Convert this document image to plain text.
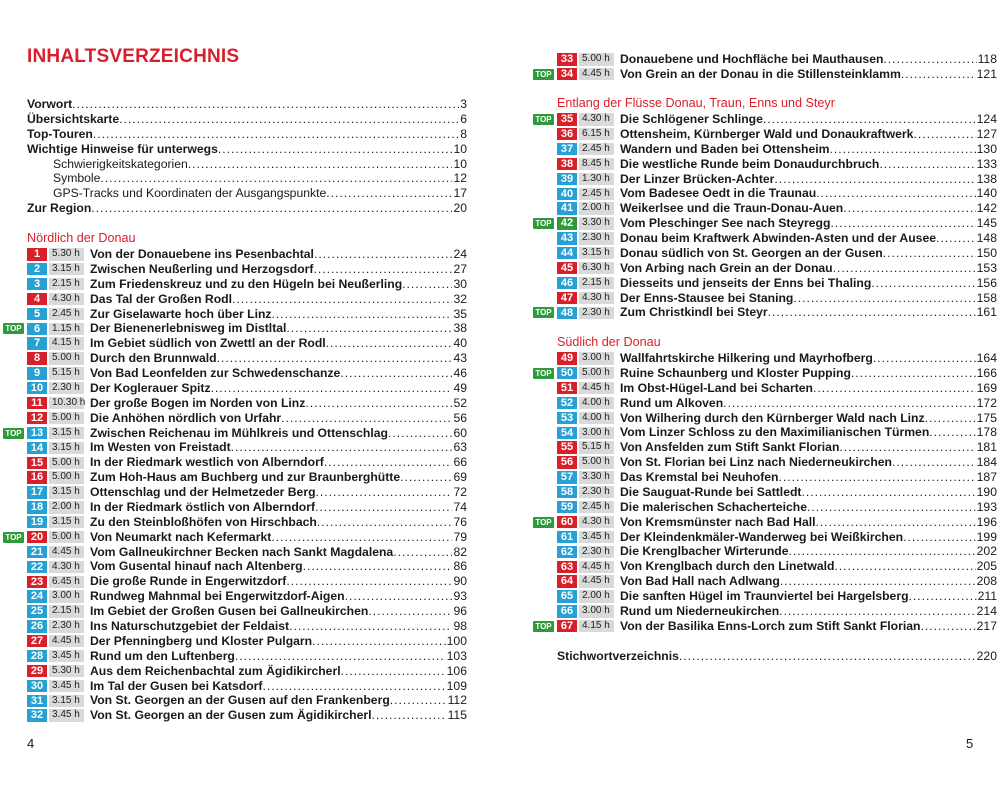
INHALTSVERZEICHNIS
Vorwort . . .	3
Übersichtskarte . . .	6
Top-Touren . . .	8
Wichtige Hinweise für unterwegs . . .	10
Schwierigkeitskategorien . . .	10
Symbole . . .	12
GPS-Tracks und Koordinaten der Ausgangspunkte . . .	17
Zur Region . . .	20
Nördlich der Donau
1	5.30 h Von der Donauebene ins Pesenbachtal . . .	24
2	3.15 h Zwischen Neußerling und Herzogsdorf . . .	27
3	2.15 h Zum Friedenskreuz und zu den Hügeln bei Neußerling . . .	30
4	4.30 h Das Tal der Großen Rodl . . .	32
5	2.45 h Zur Giselawarte hoch über Linz . . .	35
TOP	6	1.15 h Der Bienenerlebnisweg im Distltal . . .	38
7	4.15 h Im Gebiet südlich von Zwettl an der Rodl . . .	40
8	5.00 h Durch den Brunnwald . . .	43
9	5.15 h Von Bad Leonfelden zur Schwedenschanze . . .	46
10 2.30 h Der Koglerauer Spitz . . .	49
11 10.30 h Der große Bogen im Norden von Linz . . .	52
12 5.00 h Die Anhöhen nördlich von Urfahr . . .	56
TOP 13 3.15 h Zwischen Reichenau im Mühlkreis und Ottenschlag . . .	60
14 3.15 h Im Westen von Freistadt . . .	63
15 5.00 h In der Riedmark westlich von Alberndorf . . .	66
16 5.00 h Zum Hoh-Haus am Buchberg und zur Braunberghütte . . .	69
17 3.15 h Ottenschlag und der Helmetzeder Berg . . .	72
18 2.00 h In der Riedmark östlich von Alberndorf . . .	74
19 3.15 h Zu den Steinbloßhöfen von Hirschbach . . .	76
TOP 20 5.00 h Von Neumarkt nach Kefermarkt . . .	79
21 4.45 h Vom Gallneukirchner Becken nach Sankt Magdalena . . .	82
22 4.30 h Vom Gusental hinauf nach Altenberg . . .	86
23 6.45 h Die große Runde in Engerwitzdorf . . .	90
24 3.00 h Rundweg Mahnmal bei Engerwitzdorf-Aigen . . .	93
25 2.15 h Im Gebiet der Großen Gusen bei Gallneukirchen . . .	96
26 2.30 h Ins Naturschutzgebiet der Feldaist . . .	98
27 4.45 h Der Pfenningberg und Kloster Pulgarn . . .	100
28 3.45 h Rund um den Luftenberg . . .	103
29 5.30 h Aus dem Reichenbachtal zum Ägidikircherl . . .	106
30 3.45 h Im Tal der Gusen bei Katsdorf . . .	109
31 3.15 h Von St. Georgen an der Gusen auf den Frankenberg . . .	112
32 3.45 h Von St. Georgen an der Gusen zum Ägidikircherl . . .	115
4
33 5.00 h Donauebene und Hochfläche bei Mauthausen . . .	118
TOP 34 4.45 h Von Grein an der Donau in die Stillensteinklamm . . .	121
Entlang der Flüsse Donau, Traun, Enns und Steyr
TOP 35 4.30 h Die Schlögener Schlinge . . .	124
36 6.15 h Ottensheim, Kürnberger Wald und Donaukraftwerk . . .	127
37 2.45 h Wandern und Baden bei Ottensheim . . .	130
38 8.45 h Die westliche Runde beim Donaudurchbruch . . .	133
39 1.30 h Der Linzer Brücken-Achter . . .	138
40 2.45 h Vom Badesee Oedt in die Traunau . . .	140
41 2.00 h Weikerlsee und die Traun-Donau-Auen . . .	142
TOP 42 3.30 h Vom Pleschinger See nach Steyregg . . .	145
43 2.30 h Donau beim Kraftwerk Abwinden-Asten und der Ausee . . .	148
44 3.15 h Donau südlich von St. Georgen an der Gusen . . .	150
45 6.30 h Von Arbing nach Grein an der Donau . . .	153
46 2.15 h Diesseits und jenseits der Enns bei Thaling . . .	156
47 4.30 h Der Enns-Stausee bei Staning . . .	158
TOP 48 2.30 h Zum Christkindl bei Steyr . . .	161
Südlich der Donau
49 3.00 h Wallfahrtskirche Hilkering und Mayrhofberg . . .	164
TOP 50 5.00 h Ruine Schaunberg und Kloster Pupping . . .	166
51 4.45 h Im Obst-Hügel-Land bei Scharten . . .	169
52 4.00 h Rund um Alkoven . . .	172
53 4.00 h Von Wilhering durch den Kürnberger Wald nach Linz . . .	175
54 3.00 h Vom Linzer Schloss zu den Maximilianischen Türmen . . .	178
55 5.15 h Von Ansfelden zum Stift Sankt Florian . . .	181
56 5.00 h Von St. Florian bei Linz nach Niederneukirchen . . .	184
57 3.30 h Das Kremstal bei Neuhofen . . .	187
58 2.30 h Die Sauguat-Runde bei Sattledt . . .	190
59 2.45 h Die malerischen Schacherteiche . . .	193
TOP 60 4.30 h Von Kremsmünster nach Bad Hall . . .	196
61 3.45 h Der Kleindenkmäler-Wanderweg bei Weißkirchen . . .	199
62 2.30 h Die Krenglbacher Wirterunde . . .	202
63 4.45 h Von Krenglbach durch den Linetwald . . .	205
64 4.45 h Von Bad Hall nach Adlwang . . .	208
65 2.00 h Die sanften Hügel im Traunviertel bei Hargelsberg . . .	211
66 3.00 h Rund um Niederneukirchen . . .	214
TOP 67 4.15 h Von der Basilika Enns-Lorch zum Stift Sankt Florian . . .	217
Stichwortverzeichnis . . .	220
5
